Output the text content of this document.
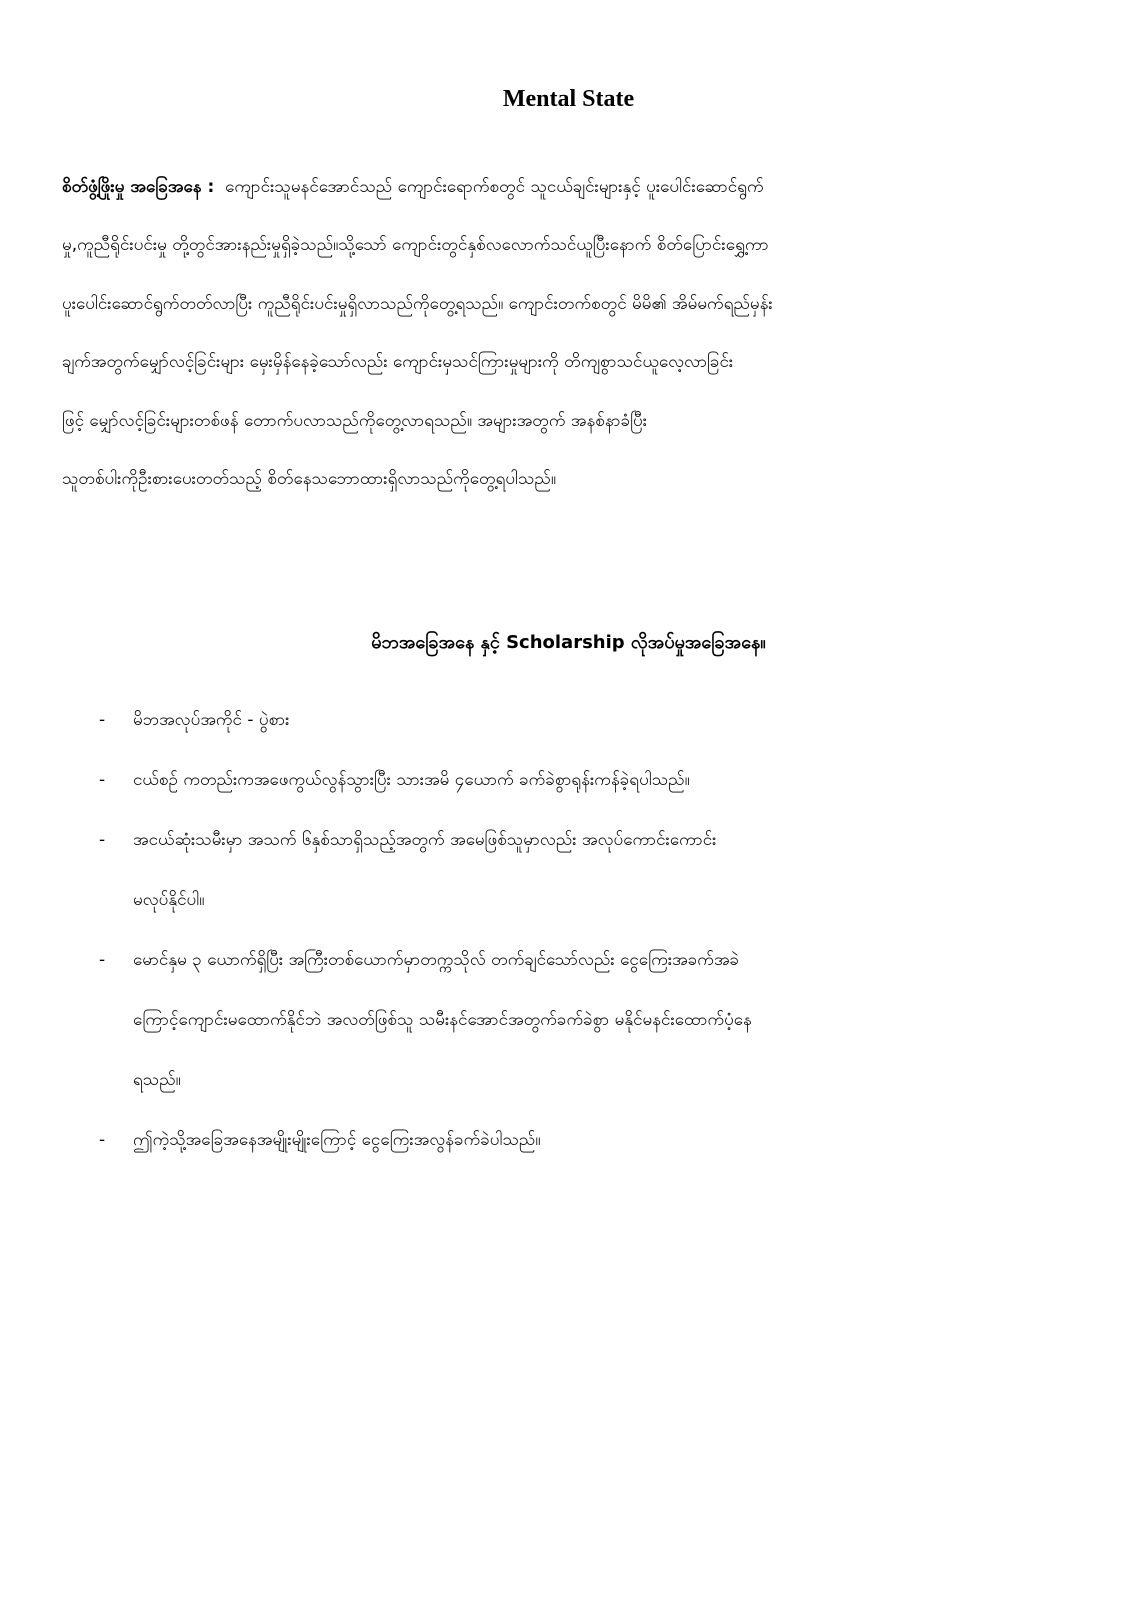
Mental State
စိတ်ဖွံ့ဖြိုးမှု အခြေအနေ : ကျောင်းသူမနင်အောင်သည် ကျောင်းရောက်စတွင် သူငယ်ချင်းများနှင့် ပူးပေါင်းဆောင်ရွက်
မှု,ကူညီရိုင်းပင်းမှု တို့တွင်အားနည်းမှုရှိခဲ့သည်။သို့သော် ကျောင်းတွင်နှစ်လလောက်သင်ယူပြီးနောက် စိတ်ပြောင်းရွှေ့ကာ
ပူးပေါင်းဆောင်ရွက်တတ်လာပြီး ကူညီရိုင်းပင်းမှုရှိလာသည်ကိုတွေ့ရသည်။ ကျောင်းတက်စတွင် မိမိ၏ အိမ်မက်ရည်မှန်း
ချက်အတွက်မျှော်လင့်ခြင်းများ မှေးမှိန်နေခဲ့သော်လည်း ကျောင်းမှသင်ကြားမှုများကို တိကျစွာသင်ယူလေ့လာခြင်း
ဖြင့် မျှော်လင့်ခြင်းများတစ်ဖန် တောက်ပလာသည်ကိုတွေ့လာရသည်။ အများအတွက် အနစ်နာခံပြီး
သူတစ်ပါးကိုဦးစားပေးတတ်သည့် စိတ်နေသဘောထားရှိလာသည်ကိုတွေ့ရပါသည်။
မိဘအခြေအနေ နှင့် Scholarship လိုအပ်မှုအခြေအနေ။
- မိဘအလုပ်အကိုင် - ပွဲစား
- ငယ်စဉ် ကတည်းကအဖေကွယ်လွန်သွားပြီး သားအမိ ၄ယောက် ခက်ခဲစွာရုန်းကန်ခဲ့ရပါသည်။
- အငယ်ဆုံးသမီးမှာ အသက် ၆နှစ်သာရှိသည့်အတွက် အမေဖြစ်သူမှာလည်း အလုပ်ကောင်းကောင်း
မလုပ်နိုင်ပါ။
- မောင်နှမ ၃ ယောက်ရှိပြီး အကြီးတစ်ယောက်မှာတက္ကသိုလ် တက်ချင်သော်လည်း ငွေကြေးအခက်အခဲ
ကြောင့်ကျောင်းမထောက်နိုင်ဘဲ အလတ်ဖြစ်သူ သမီးနင်အောင်အတွက်ခက်ခဲစွာ မနိုင်မနင်းထောက်ပံ့နေ
ရသည်။
- ဤကဲ့သို့အခြေအနေအမျိုးမျိုးကြောင့် ငွေကြေးအလွန်ခက်ခဲပါသည်။
